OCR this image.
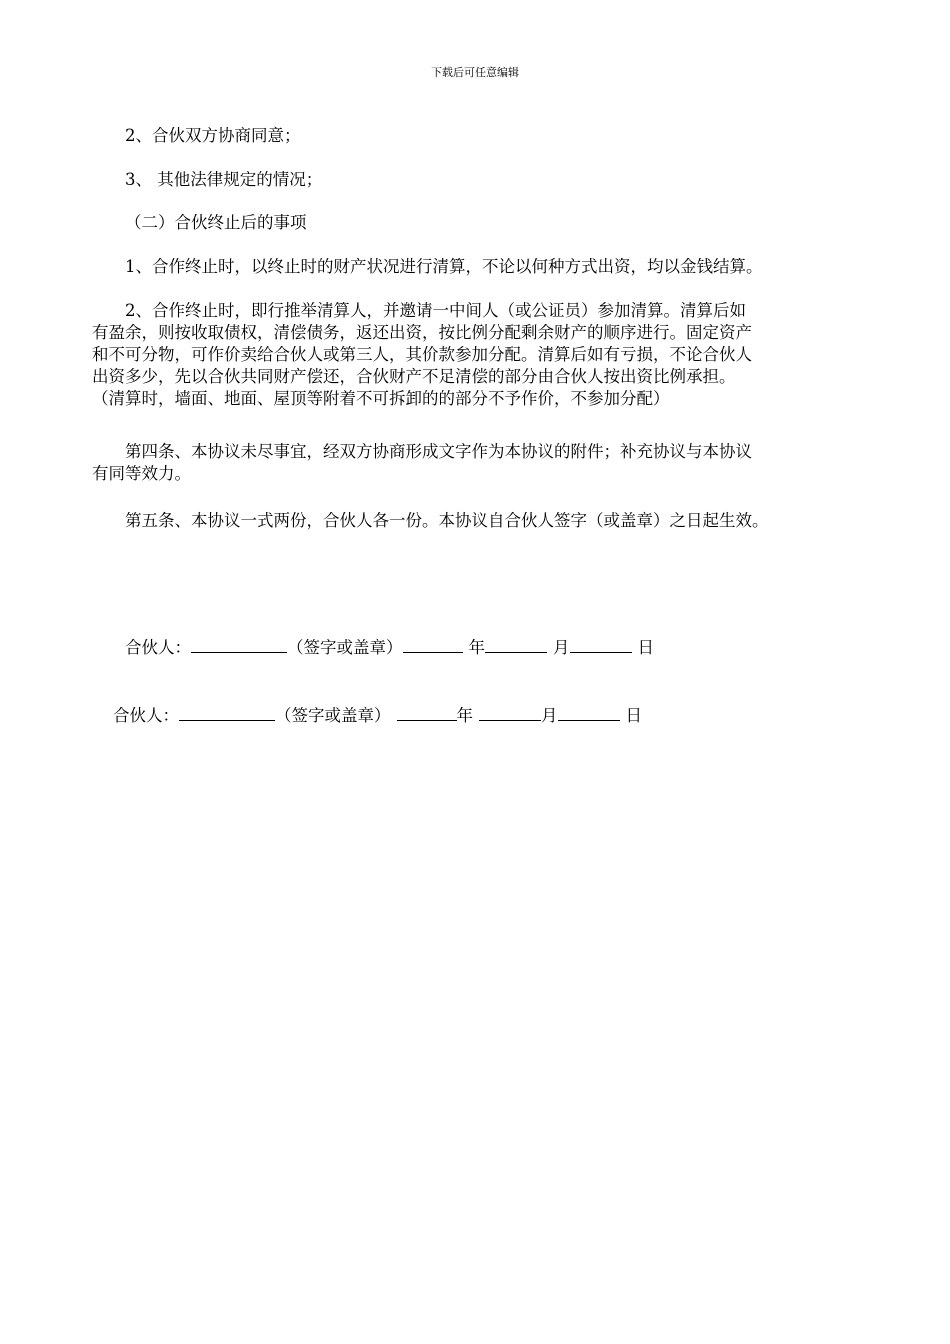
下载后可任意编辑

2、合伙双方协商同意；

3、 其他法律规定的情况；

（二）合伙终止后的事项

1、合作终止时，以终止时的财产状况进行清算，不论以何种方式出资，均以金钱结算。

2、合作终止时，即行推举清算人，并邀请一中间人（或公证员）参加清算。清算后如
有盈余，则按收取债权，清偿债务，返还出资，按比例分配剩余财产的顺序进行。固定资产
和不可分物，可作价卖给合伙人或第三人，其价款参加分配。清算后如有亏损，不论合伙人
出资多少，先以合伙共同财产偿还，合伙财产不足清偿的部分由合伙人按出资比例承担。
（清算时，墙面、地面、屋顶等附着不可拆卸的的部分不予作价，不参加分配）
第四条、本协议未尽事宜，经双方协商形成文字作为本协议的附件；补充协议与本协议
有同等效力。

第五条、本协议一式两份，合伙人各一份。本协议自合伙人签字（或盖章）之日起生效。

合伙人：	（签字或盖章）	年	月	日
合伙人：	（签字或盖章）	年	月	日
